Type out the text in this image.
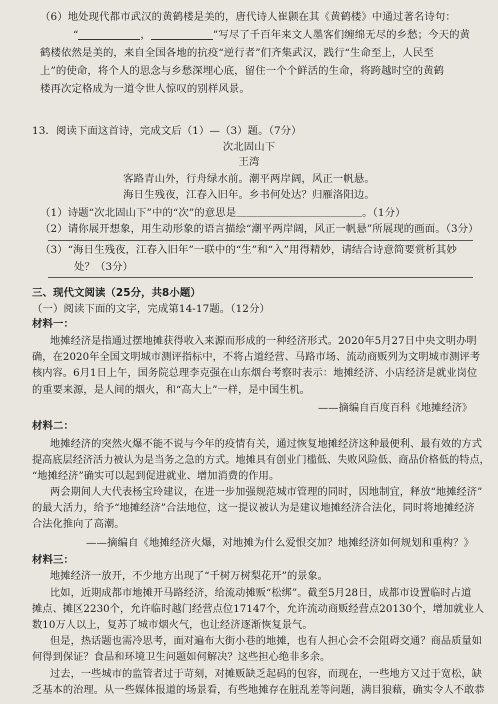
（6）地处现代都市武汉的黄鹤楼是美的，唐代诗人崔颢在其《黄鹤楼》中通过著名诗句：
“	，	”写尽了千百年来文人墨客们缠绵无尽的乡愁；今天的黄
鹤楼依然是美的，来自全国各地的抗疫“逆行者”们齐集武汉，践行“生命至上，人民至
上”的使命，将个人的思念与乡愁深埋心底，留住一个个鲜活的生命，将跨越时空的黄鹤
楼再次定格成为一道令世人惊叹的别样风景。
13．阅读下面这首诗，完成文后（1）—（3）题。（7分）
次北固山下
王湾
客路青山外，行舟绿水前。潮平两岸阔，风正一帆悬。
海日生残夜，江春入旧年。乡书何处达？归雁洛阳边。
（1）诗题“次北固山下”中的“次”的意思是＿＿＿＿＿＿＿＿＿＿＿＿。（1分）
（2）请你展开想象，用生动形象的语言描绘“潮平两岸阔，风正一帆悬”所展现的画面。（3分）
（3）“海日生残夜，江春入旧年”一联中的“生”和“入”用得精妙，请结合诗意简要赏析其妙
处？（3分）
三、现代文阅读（25分，共8小题）
（一）阅读下面的文字，完成第14-17题。（12分）
材料一：
地摊经济是指通过摆地摊获得收入来源而形成的一种经济形式。2020年5月27日中央文明办明
确，在2020年全国文明城市测评指标中，不将占道经营、马路市场、流动商贩列为文明城市测评考
核内容。6月1日上午，国务院总理李克强在山东烟台考察时表示：地摊经济、小店经济是就业岗位
的重要来源，是人间的烟火，和“高大上”一样，是中国生机。
——摘编自百度百科《地摊经济》
材料二：
地摊经济的突然火爆不能不说与今年的疫情有关，通过恢复地摊经济这种最便利、最有效的方式
提高底层经济活力被认为是当务之急的方式。地摊具有创业门槛低、失败风险低、商品价格低的特点，
“地摊经济”确实可以起到促进就业、增加消费的作用。
两会期间人大代表杨宝玲建议，在进一步加强规范城市管理的同时，因地制宜，释放“地摊经济”
的最大活力，给予“地摊经济”合法地位，这一提议被认为是建议地摊经济合法化，同时将地摊经济
合法化推向了高潮。
——摘编自《地摊经济火爆，对地摊为什么爱恨交加？地摊经济如何规划和重构？》
材料三：
地摊经济一放开，不少地方出现了“千树万树梨花开”的景象。
比如，近期成都市地摊开马路经济，给流动摊贩“松绑”。截至5月28日，成都市设置临时占道
摊点、摊区2230个，允许临时越门经营点位17147个，允许流动商贩经营点20130个，增加就业人
数10万人以上，复苏了城市烟火气，也让经济逐渐恢复景气。
但是，热话题也需冷思考，面对遍布大街小巷的地摊，也有人担心会不会阻碍交通？商品质量如
何得到保证？食品和环境卫生问题如何解决？这些担心绝非多余。
过去，一些城市的监管者过于苛刻，对摊贩缺乏起码的包容，而现在，一些地方又过于宽松，缺
乏基本的治理。从一些媒体报道的场景看，有些地摊存在脏乱差等问题，满目狼藉，确实令人不敢恭
